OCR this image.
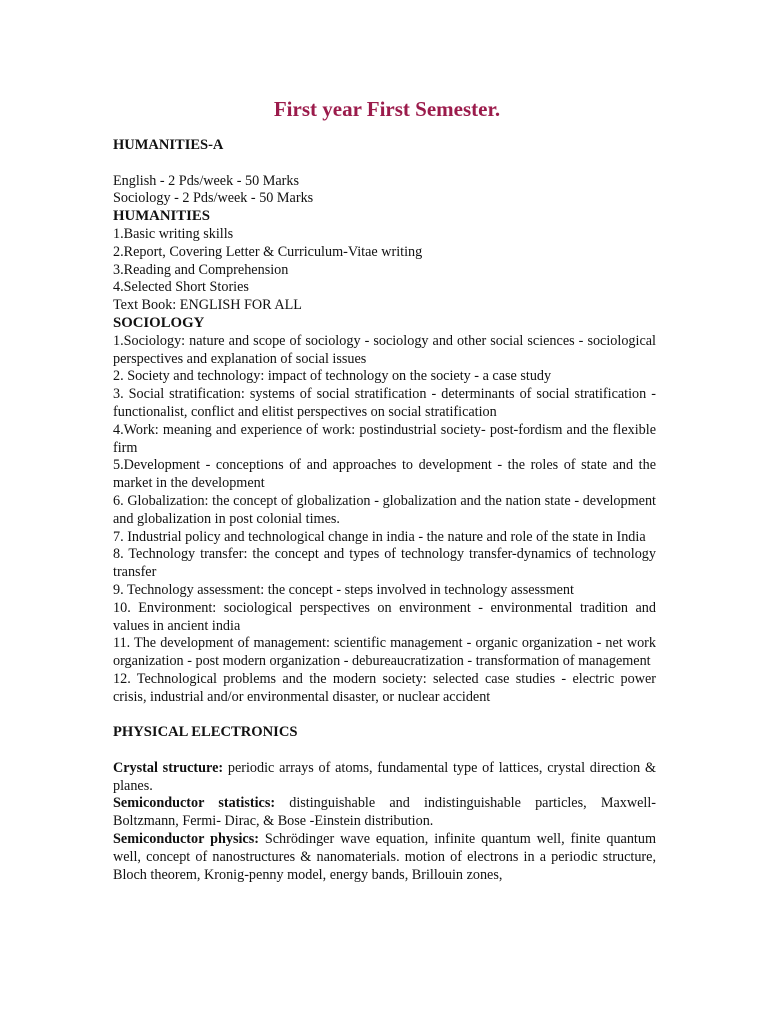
First year First Semester.
HUMANITIES-A
English - 2 Pds/week - 50 Marks
Sociology - 2 Pds/week - 50 Marks
HUMANITIES
1.Basic writing skills
2.Report, Covering Letter & Curriculum-Vitae writing
3.Reading and Comprehension
4.Selected Short Stories
Text Book: ENGLISH FOR ALL
SOCIOLOGY
1.Sociology: nature and scope of sociology - sociology and other social sciences - sociological perspectives and explanation of social issues
2. Society and technology: impact of technology on the society - a case study
3. Social stratification: systems of social stratification - determinants of social stratification - functionalist, conflict and elitist perspectives on social stratification
4.Work: meaning and experience of work: postindustrial society- post-fordism and the flexible firm
5.Development - conceptions of and approaches to development - the roles of state and the market in the development
6. Globalization: the concept of globalization - globalization and the nation state - development and globalization in post colonial times.
7. Industrial policy and technological change in india - the nature and role of the state in India
8. Technology transfer: the concept and types of technology transfer-dynamics of technology transfer
9. Technology assessment: the concept - steps involved in technology assessment
10. Environment: sociological perspectives on environment - environmental tradition and values in ancient india
11. The development of management: scientific management - organic organization - net work organization - post modern organization - debureaucratization - transformation of management
12. Technological problems and the modern society: selected case studies - electric power crisis, industrial and/or environmental disaster, or nuclear accident
PHYSICAL ELECTRONICS
Crystal structure: periodic arrays of atoms, fundamental type of lattices, crystal direction & planes.
Semiconductor statistics: distinguishable and indistinguishable particles, Maxwell-Boltzmann, Fermi- Dirac, & Bose -Einstein distribution.
Semiconductor physics: Schrödinger wave equation, infinite quantum well, finite quantum well, concept of nanostructures & nanomaterials. motion of electrons in a periodic structure, Bloch theorem, Kronig-penny model, energy bands, Brillouin zones,
